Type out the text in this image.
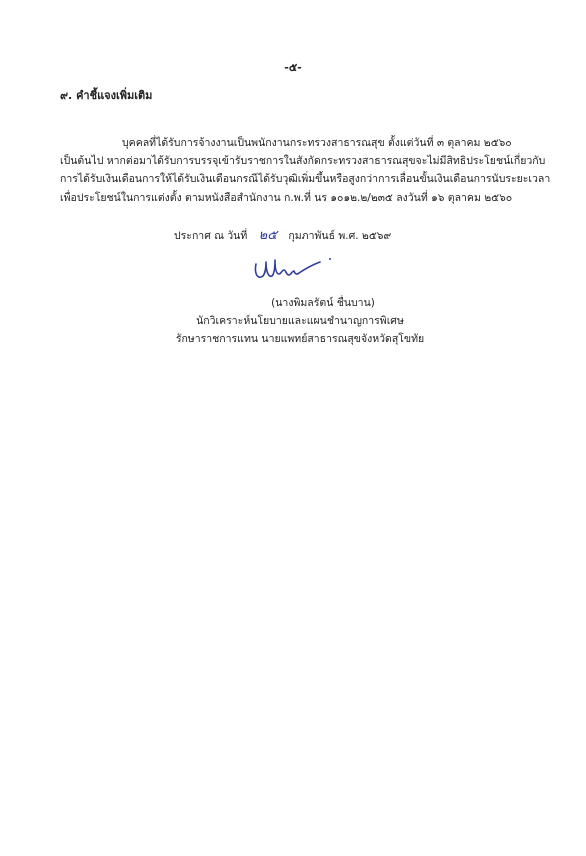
-๕-
๙. คำชี้แจงเพิ่มเติม
บุคคลที่ได้รับการจ้างงานเป็นพนักงานกระทรวงสาธารณสุข ตั้งแต่วันที่ ๓ ตุลาคม ๒๕๖๐
เป็นต้นไป หากต่อมาได้รับการบรรจุเข้ารับราชการในสังกัดกระทรวงสาธารณสุขจะไม่มีสิทธิประโยชน์เกี่ยวกับ
การได้รับเงินเดือนการให้ได้รับเงินเดือนกรณีได้รับวุฒิเพิ่มขึ้นหรือสูงกว่าการเลื่อนขั้นเงินเดือนการนับระยะเวลา
เพื่อประโยชน์ในการแต่งตั้ง ตามหนังสือสำนักงาน ก.พ.ที่ นร ๑๐๑๒.๒/๒๓๕ ลงวันที่ ๑๖ ตุลาคม ๒๕๖๐
ประกาศ ณ วันที่ ๒๕ กุมภาพันธ์ พ.ศ. ๒๕๖๙
(นางพิมลรัตน์ ชื่นบาน)
นักวิเคราะห์นโยบายและแผนชำนาญการพิเศษ
รักษาราชการแทน นายแพทย์สาธารณสุขจังหวัดสุโขทัย
